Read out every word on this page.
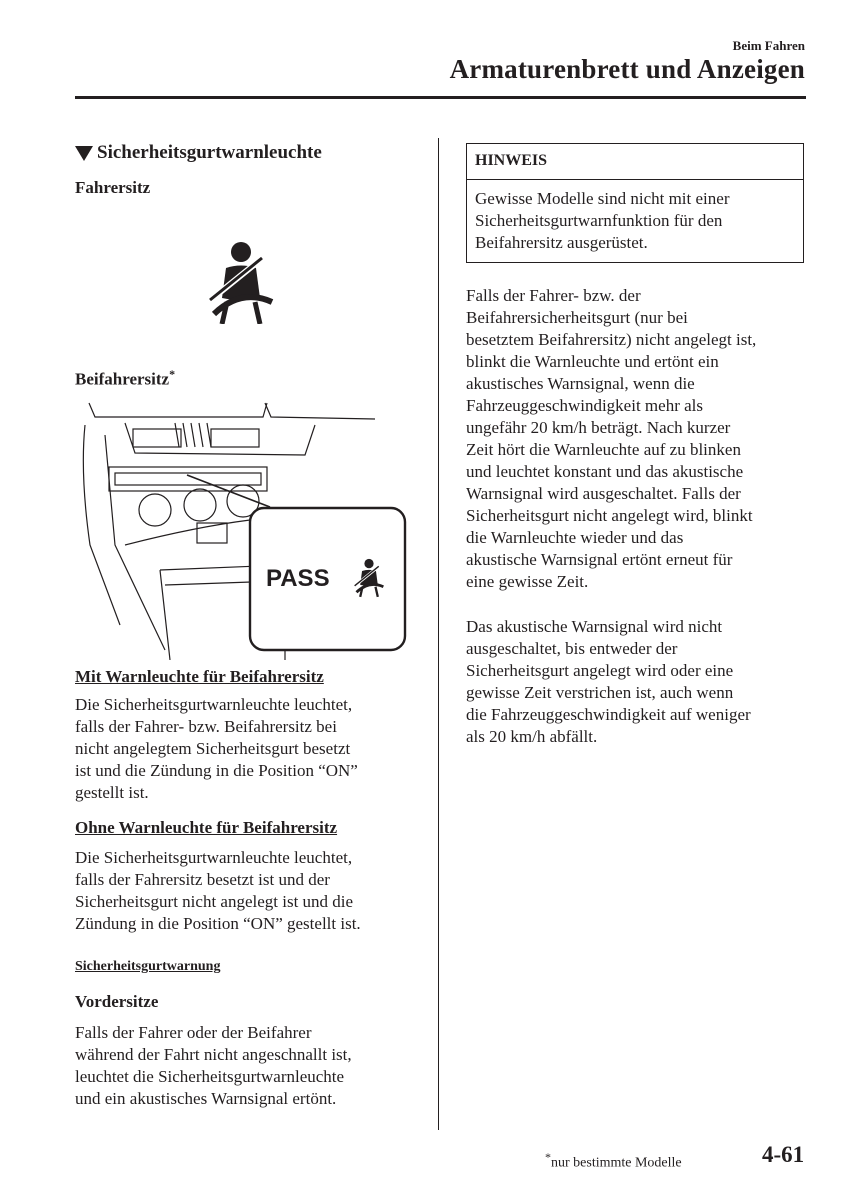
Beim Fahren
Armaturenbrett und Anzeigen
Sicherheitsgurtwarnleuchte
Fahrersitz
Beifahrersitz*
PASS
Mit Warnleuchte für Beifahrersitz
Die Sicherheitsgurtwarnleuchte leuchtet,
falls der Fahrer- bzw. Beifahrersitz bei
nicht angelegtem Sicherheitsgurt besetzt
ist und die Zündung in die Position “ON”
gestellt ist.
Ohne Warnleuchte für Beifahrersitz
Die Sicherheitsgurtwarnleuchte leuchtet,
falls der Fahrersitz besetzt ist und der
Sicherheitsgurt nicht angelegt ist und die
Zündung in die Position “ON” gestellt ist.
Sicherheitsgurtwarnung
Vordersitze
Falls der Fahrer oder der Beifahrer
während der Fahrt nicht angeschnallt ist,
leuchtet die Sicherheitsgurtwarnleuchte
und ein akustisches Warnsignal ertönt.
HINWEIS
Gewisse Modelle sind nicht mit einer
Sicherheitsgurtwarnfunktion für den
Beifahrersitz ausgerüstet.
Falls der Fahrer- bzw. der
Beifahrersicherheitsgurt (nur bei
besetztem Beifahrersitz) nicht angelegt ist,
blinkt die Warnleuchte und ertönt ein
akustisches Warnsignal, wenn die
Fahrzeuggeschwindigkeit mehr als
ungefähr 20 km/h beträgt. Nach kurzer
Zeit hört die Warnleuchte auf zu blinken
und leuchtet konstant und das akustische
Warnsignal wird ausgeschaltet. Falls der
Sicherheitsgurt nicht angelegt wird, blinkt
die Warnleuchte wieder und das
akustische Warnsignal ertönt erneut für
eine gewisse Zeit.
Das akustische Warnsignal wird nicht
ausgeschaltet, bis entweder der
Sicherheitsgurt angelegt wird oder eine
gewisse Zeit verstrichen ist, auch wenn
die Fahrzeuggeschwindigkeit auf weniger
als 20 km/h abfällt.
*nur bestimmte Modelle	4-61
